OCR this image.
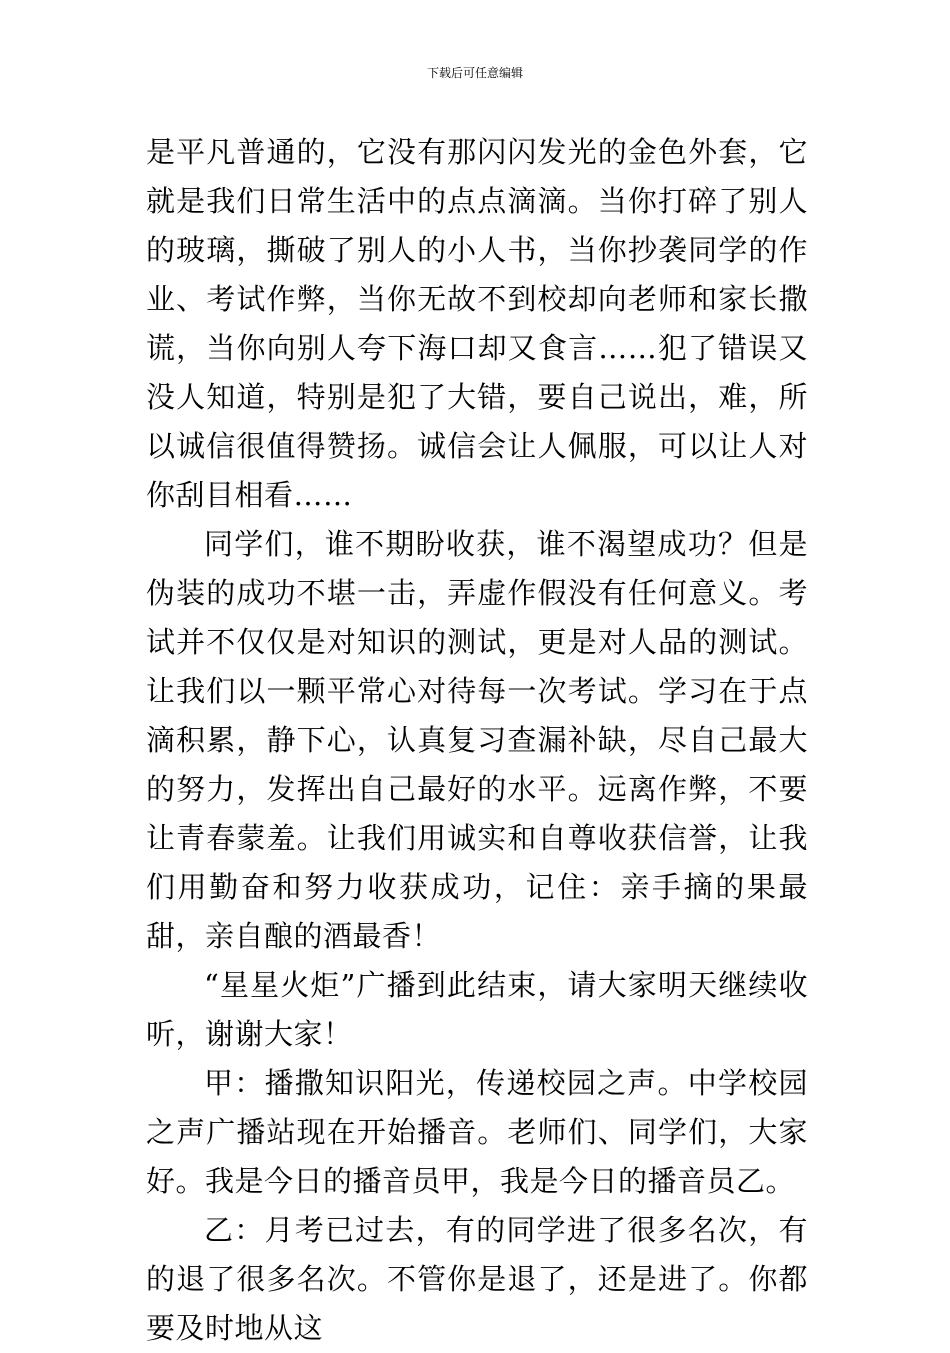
下载后可任意编辑

是平凡普通的，它没有那闪闪发光的金色外套，它就是我们日常生活中的点点滴滴。当你打碎了别人的玻璃，撕破了别人的小人书，当你抄袭同学的作业、考试作弊，当你无故不到校却向老师和家长撒谎，当你向别人夸下海口却又食言……犯了错误又没人知道，特别是犯了大错，要自己说出，难，所以诚信很值得赞扬。诚信会让人佩服，可以让人对你刮目相看……

同学们，谁不期盼收获，谁不渴望成功？但是伪装的成功不堪一击，弄虚作假没有任何意义。考试并不仅仅是对知识的测试，更是对人品的测试。让我们以一颗平常心对待每一次考试。学习在于点滴积累，静下心，认真复习查漏补缺，尽自己最大的努力，发挥出自己最好的水平。远离作弊，不要让青春蒙羞。让我们用诚实和自尊收获信誉，让我们用勤奋和努力收获成功，记住：亲手摘的果最甜，亲自酿的酒最香！

“星星火炬”广播到此结束，请大家明天继续收听，谢谢大家！

甲：播撒知识阳光，传递校园之声。中学校园之声广播站现在开始播音。老师们、同学们，大家好。我是今日的播音员甲，我是今日的播音员乙。

乙：月考已过去，有的同学进了很多名次，有的退了很多名次。不管你是退了，还是进了。你都要及时地从这
